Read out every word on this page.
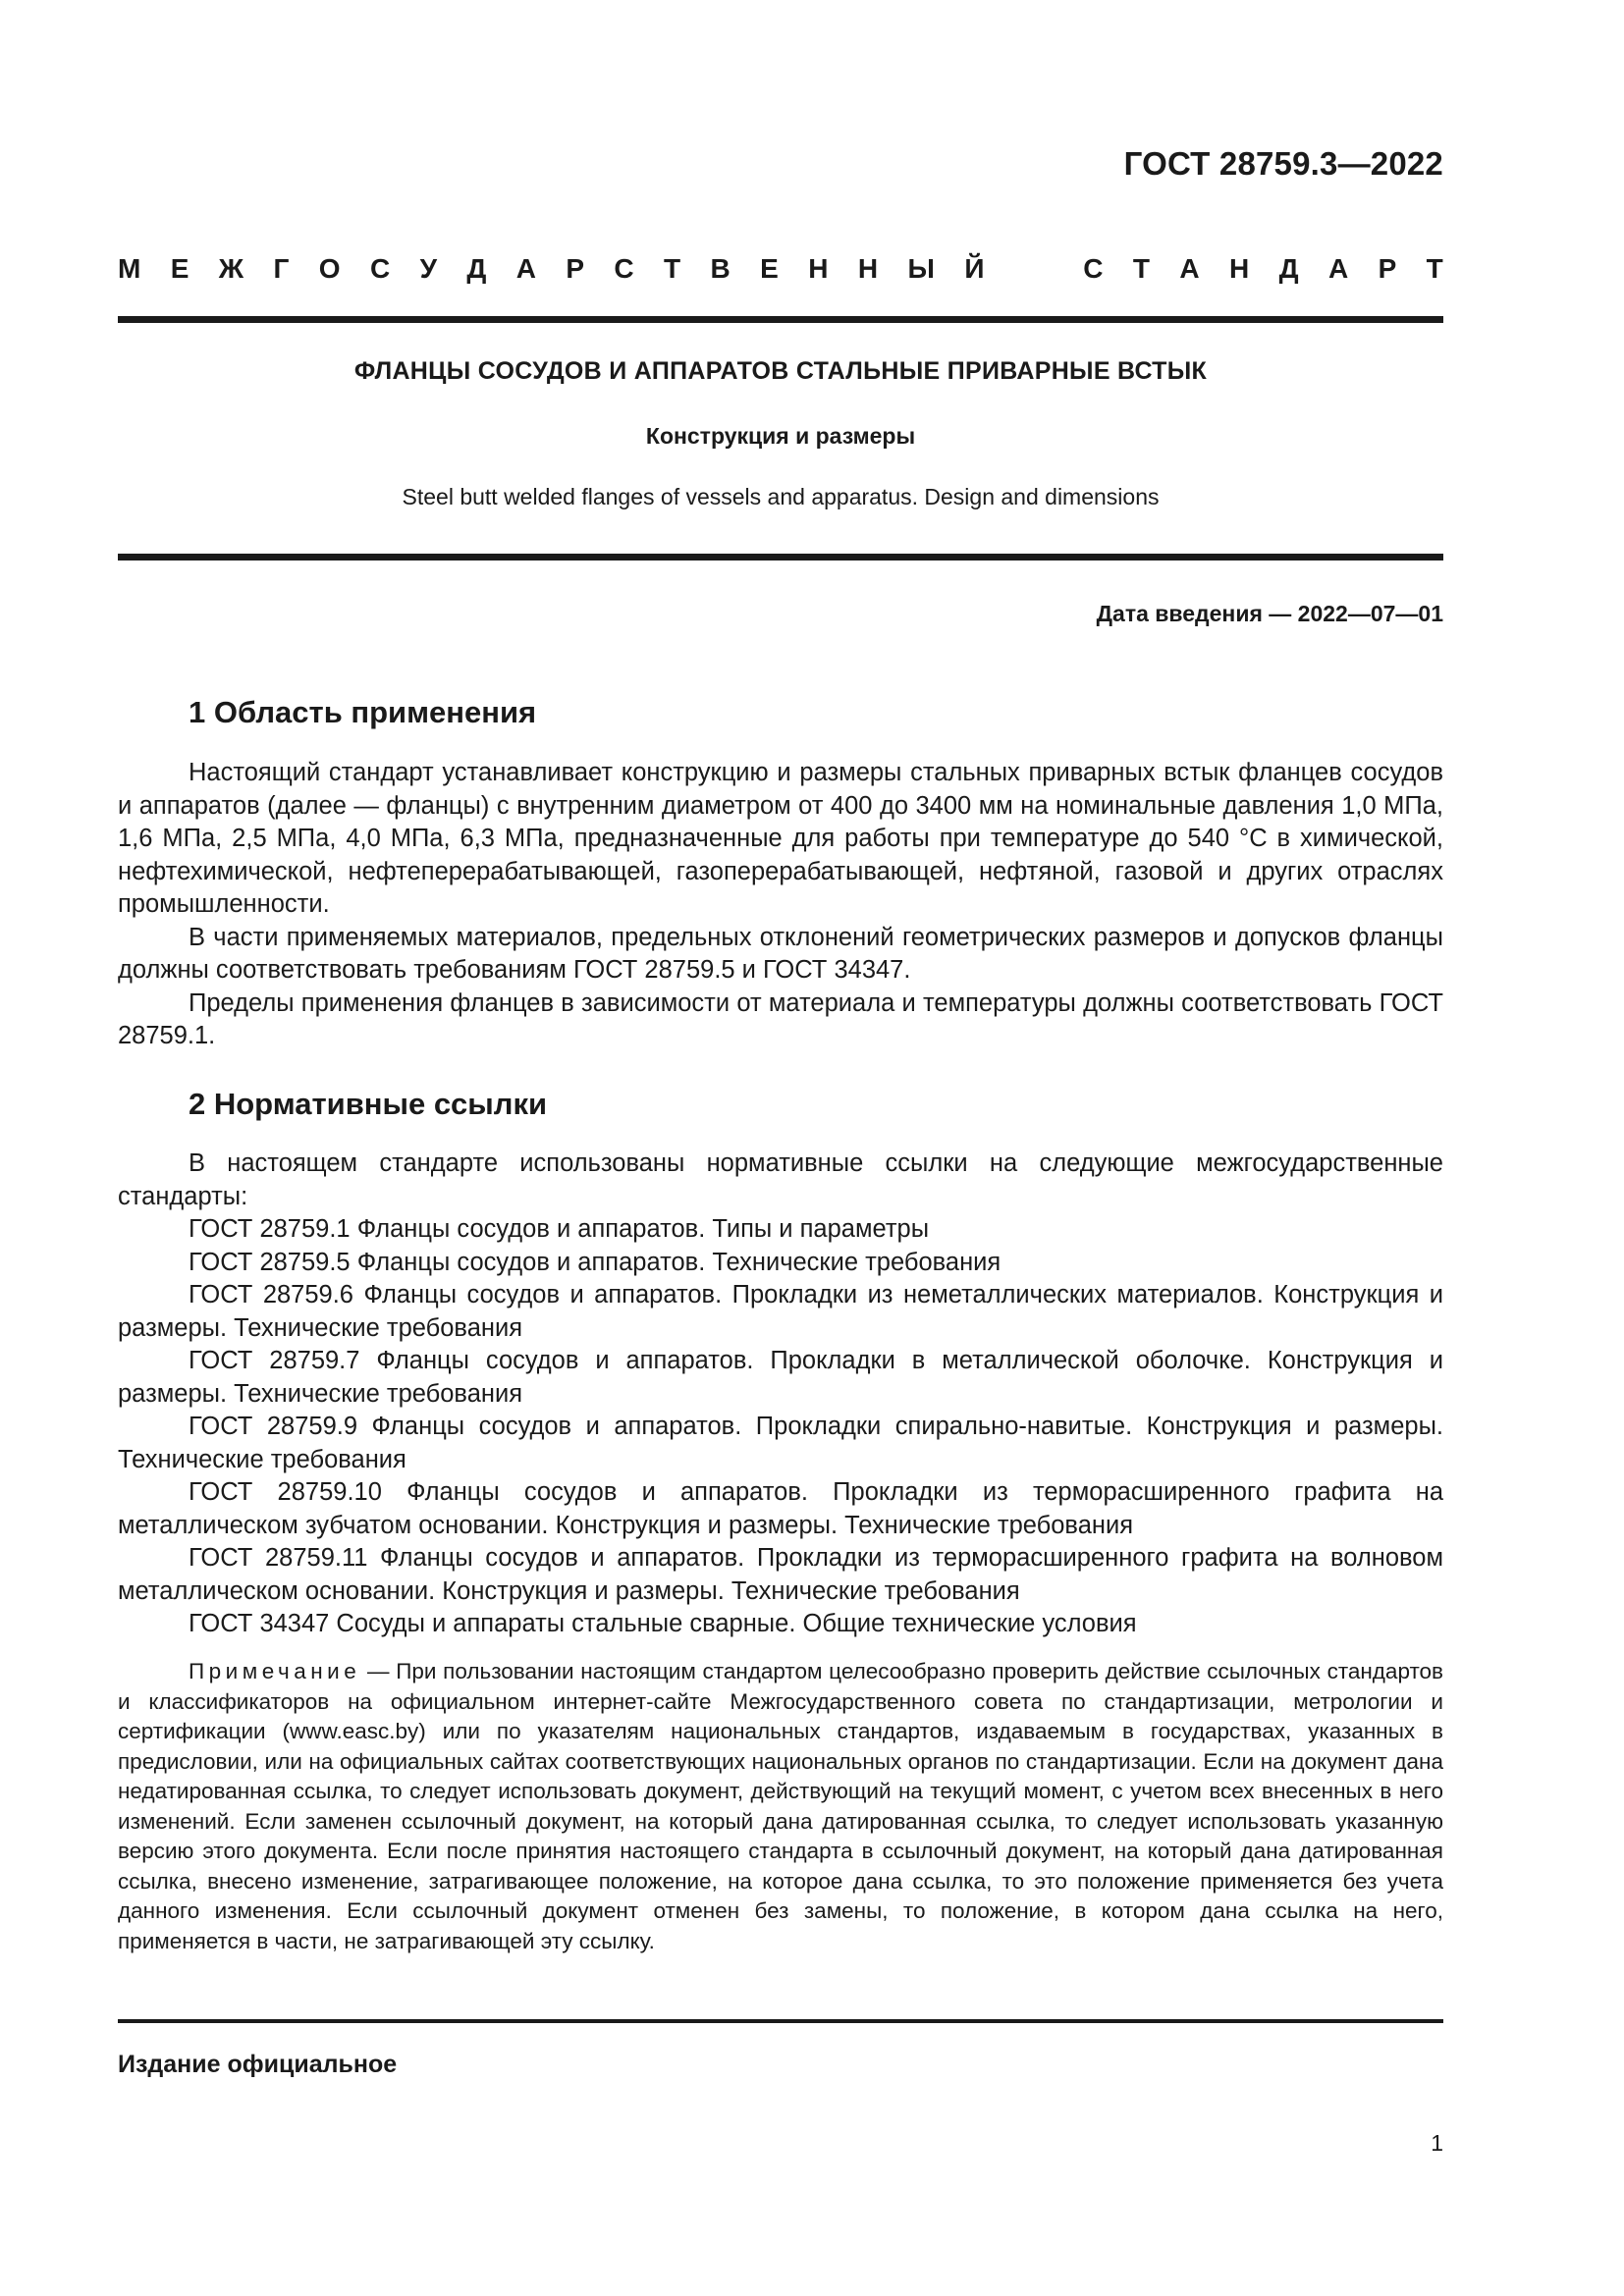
ГОСТ 28759.3—2022
М Е Ж Г О С У Д А Р С Т В Е Н Н Ы Й	С Т А Н Д А Р Т
ФЛАНЦЫ СОСУДОВ И АППАРАТОВ СТАЛЬНЫЕ ПРИВАРНЫЕ ВСТЫК
Конструкция и размеры
Steel butt welded flanges of vessels and apparatus. Design and dimensions
Дата введения — 2022—07—01
1 Область применения

Настоящий стандарт устанавливает конструкцию и размеры стальных приварных встык фланцев сосудов и аппаратов (далее — фланцы) с внутренним диаметром от 400 до 3400 мм на номинальные давления 1,0 МПа, 1,6 МПа, 2,5 МПа, 4,0 МПа, 6,3 МПа, предназначенные для работы при температуре до 540 °С в химической, нефтехимической, нефтеперерабатывающей, газоперерабатывающей, нефтяной, газовой и других отраслях промышленности.

В части применяемых материалов, предельных отклонений геометрических размеров и допусков фланцы должны соответствовать требованиям ГОСТ 28759.5 и ГОСТ 34347.

Пределы применения фланцев в зависимости от материала и температуры должны соответствовать ГОСТ 28759.1.

2 Нормативные ссылки

В настоящем стандарте использованы нормативные ссылки на следующие межгосударственные стандарты:

ГОСТ 28759.1 Фланцы сосудов и аппаратов. Типы и параметры

ГОСТ 28759.5 Фланцы сосудов и аппаратов. Технические требования

ГОСТ 28759.6 Фланцы сосудов и аппаратов. Прокладки из неметаллических материалов. Конструкция и размеры. Технические требования

ГОСТ 28759.7 Фланцы сосудов и аппаратов. Прокладки в металлической оболочке. Конструкция и размеры. Технические требования

ГОСТ 28759.9 Фланцы сосудов и аппаратов. Прокладки спирально-навитые. Конструкция и размеры. Технические требования

ГОСТ 28759.10 Фланцы сосудов и аппаратов. Прокладки из терморасширенного графита на металлическом зубчатом основании. Конструкция и размеры. Технические требования

ГОСТ 28759.11 Фланцы сосудов и аппаратов. Прокладки из терморасширенного графита на волновом металлическом основании. Конструкция и размеры. Технические требования

ГОСТ 34347 Сосуды и аппараты стальные сварные. Общие технические условия

Примечание — При пользовании настоящим стандартом целесообразно проверить действие ссылочных стандартов и классификаторов на официальном интернет-сайте Межгосударственного совета по стандартизации, метрологии и сертификации (www.easc.by) или по указателям национальных стандартов, издаваемым в государствах, указанных в предисловии, или на официальных сайтах соответствующих национальных органов по стандартизации. Если на документ дана недатированная ссылка, то следует использовать документ, действующий на текущий момент, с учетом всех внесенных в него изменений. Если заменен ссылочный документ, на который дана датированная ссылка, то следует использовать указанную версию этого документа. Если после принятия настоящего стандарта в ссылочный документ, на который дана датированная ссылка, внесено изменение, затрагивающее положение, на которое дана ссылка, то это положение применяется без учета данного изменения. Если ссылочный документ отменен без замены, то положение, в котором дана ссылка на него, применяется в части, не затрагивающей эту ссылку.

Издание официальное
1
